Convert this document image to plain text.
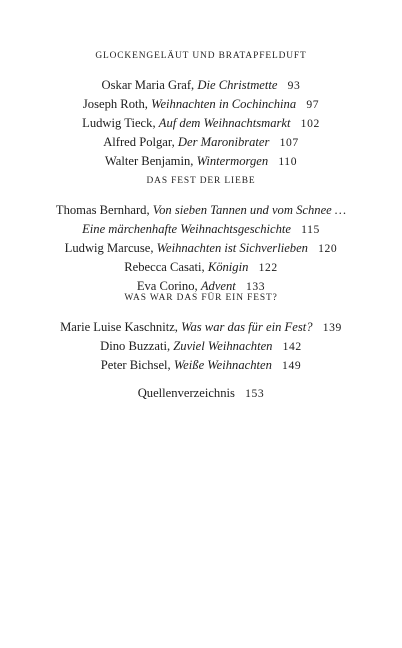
GLOCKENGELÄUT UND BRATAPFELDUFT
Oskar Maria Graf, Die Christmette 93
Joseph Roth, Weihnachten in Cochinchina 97
Ludwig Tieck, Auf dem Weihnachtsmarkt 102
Alfred Polgar, Der Maronibrater 107
Walter Benjamin, Wintermorgen 110
DAS FEST DER LIEBE
Thomas Bernhard, Von sieben Tannen und vom Schnee …
Eine märchenhafte Weihnachtsgeschichte 115
Ludwig Marcuse, Weihnachten ist Sichverlieben 120
Rebecca Casati, Königin 122
Eva Corino, Advent 133
WAS WAR DAS FÜR EIN FEST?
Marie Luise Kaschnitz, Was war das für ein Fest? 139
Dino Buzzati, Zuviel Weihnachten 142
Peter Bichsel, Weiße Weihnachten 149
Quellenverzeichnis 153
